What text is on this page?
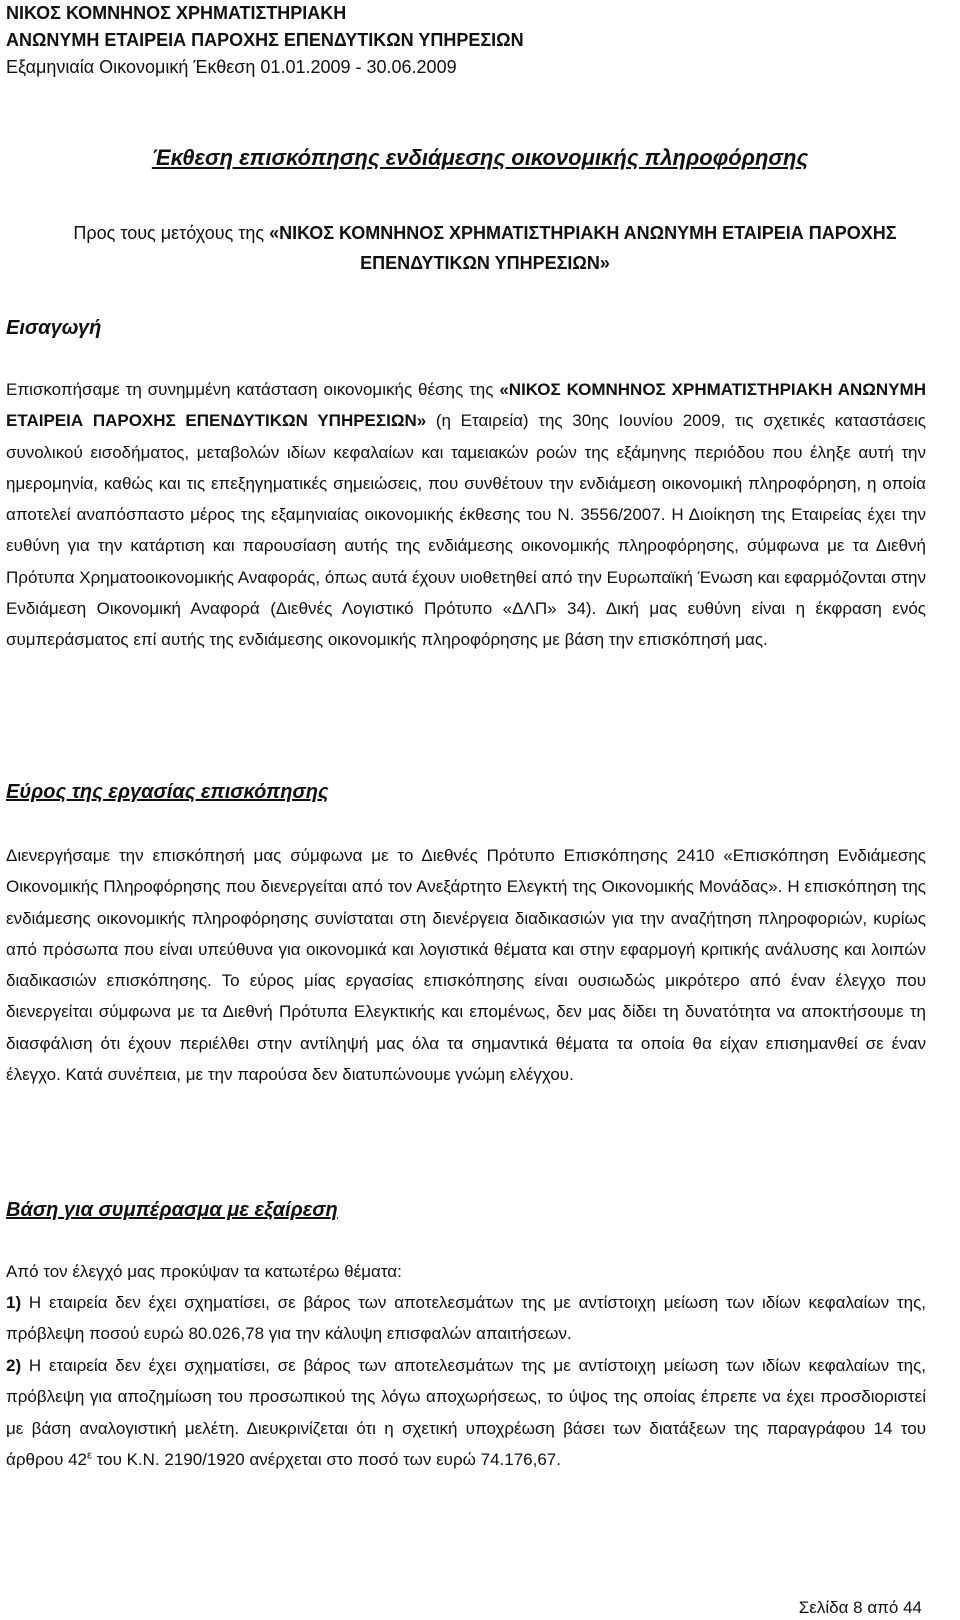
ΝΙΚΟΣ ΚΟΜΝΗΝΟΣ ΧΡΗΜΑΤΙΣΤΗΡΙΑΚΗ
ΑΝΩΝΥΜΗ ΕΤΑΙΡΕΙΑ ΠΑΡΟΧΗΣ ΕΠΕΝΔΥΤΙΚΩΝ ΥΠΗΡΕΣΙΩΝ
Εξαμηνιαία Οικονομική Έκθεση 01.01.2009 - 30.06.2009
Έκθεση επισκόπησης ενδιάμεσης οικονομικής πληροφόρησης
Προς τους μετόχους της «ΝΙΚΟΣ ΚΟΜΝΗΝΟΣ ΧΡΗΜΑΤΙΣΤΗΡΙΑΚΗ ΑΝΩΝΥΜΗ ΕΤΑΙΡΕΙΑ ΠΑΡΟΧΗΣ ΕΠΕΝΔΥΤΙΚΩΝ ΥΠΗΡΕΣΙΩΝ»
Εισαγωγή
Επισκοπήσαμε τη συνημμένη κατάσταση οικονομικής θέσης της «ΝΙΚΟΣ ΚΟΜΝΗΝΟΣ ΧΡΗΜΑΤΙΣΤΗΡΙΑΚΗ ΑΝΩΝΥΜΗ ΕΤΑΙΡΕΙΑ ΠΑΡΟΧΗΣ ΕΠΕΝΔΥΤΙΚΩΝ ΥΠΗΡΕΣΙΩΝ» (η Εταιρεία) της 30ης Ιουνίου 2009, τις σχετικές καταστάσεις συνολικού εισοδήματος, μεταβολών ιδίων κεφαλαίων και ταμειακών ροών της εξάμηνης περιόδου που έληξε αυτή την ημερομηνία, καθώς και τις επεξηγηματικές σημειώσεις, που συνθέτουν την ενδιάμεση οικονομική πληροφόρηση, η οποία αποτελεί αναπόσπαστο μέρος της εξαμηνιαίας οικονομικής έκθεσης του Ν. 3556/2007. Η Διοίκηση της Εταιρείας έχει την ευθύνη για την κατάρτιση και παρουσίαση αυτής της ενδιάμεσης οικονομικής πληροφόρησης, σύμφωνα με τα Διεθνή Πρότυπα Χρηματοοικονομικής Αναφοράς, όπως αυτά έχουν υιοθετηθεί από την Ευρωπαϊκή Ένωση και εφαρμόζονται στην Ενδιάμεση Οικονομική Αναφορά (Διεθνές Λογιστικό Πρότυπο «ΔΛΠ» 34). Δική μας ευθύνη είναι η έκφραση ενός συμπεράσματος επί αυτής της ενδιάμεσης οικονομικής πληροφόρησης με βάση την επισκόπησή μας.
Εύρος της εργασίας επισκόπησης
Διενεργήσαμε την επισκόπησή μας σύμφωνα με το Διεθνές Πρότυπο Επισκόπησης 2410 «Επισκόπηση Ενδιάμεσης Οικονομικής Πληροφόρησης που διενεργείται από τον Ανεξάρτητο Ελεγκτή της Οικονομικής Μονάδας». Η επισκόπηση της ενδιάμεσης οικονομικής πληροφόρησης συνίσταται στη διενέργεια διαδικασιών για την αναζήτηση πληροφοριών, κυρίως από πρόσωπα που είναι υπεύθυνα για οικονομικά και λογιστικά θέματα και στην εφαρμογή κριτικής ανάλυσης και λοιπών διαδικασιών επισκόπησης. Το εύρος μίας εργασίας επισκόπησης είναι ουσιωδώς μικρότερο από έναν έλεγχο που διενεργείται σύμφωνα με τα Διεθνή Πρότυπα Ελεγκτικής και επομένως, δεν μας δίδει τη δυνατότητα να αποκτήσουμε τη διασφάλιση ότι έχουν περιέλθει στην αντίληψή μας όλα τα σημαντικά θέματα τα οποία θα είχαν επισημανθεί σε έναν έλεγχο. Κατά συνέπεια, με την παρούσα δεν διατυπώνουμε γνώμη ελέγχου.
Βάση για συμπέρασμα με εξαίρεση
Από τον έλεγχό μας προκύψαν τα κατωτέρω θέματα:
1) Η εταιρεία δεν έχει σχηματίσει, σε βάρος των αποτελεσμάτων της με αντίστοιχη μείωση των ιδίων κεφαλαίων της, πρόβλεψη ποσού ευρώ 80.026,78 για την κάλυψη επισφαλών απαιτήσεων.
2) Η εταιρεία δεν έχει σχηματίσει, σε βάρος των αποτελεσμάτων της με αντίστοιχη μείωση των ιδίων κεφαλαίων της, πρόβλεψη για αποζημίωση του προσωπικού της λόγω αποχωρήσεως, το ύψος της οποίας έπρεπε να έχει προσδιοριστεί με βάση αναλογιστική μελέτη. Διευκρινίζεται ότι η σχετική υποχρέωση βάσει των διατάξεων της παραγράφου 14 του άρθρου $42^\varepsilon$ του Κ.Ν. 2190/1920 ανέρχεται στο ποσό των ευρώ 74.176,67.
Σελίδα 8 από 44
